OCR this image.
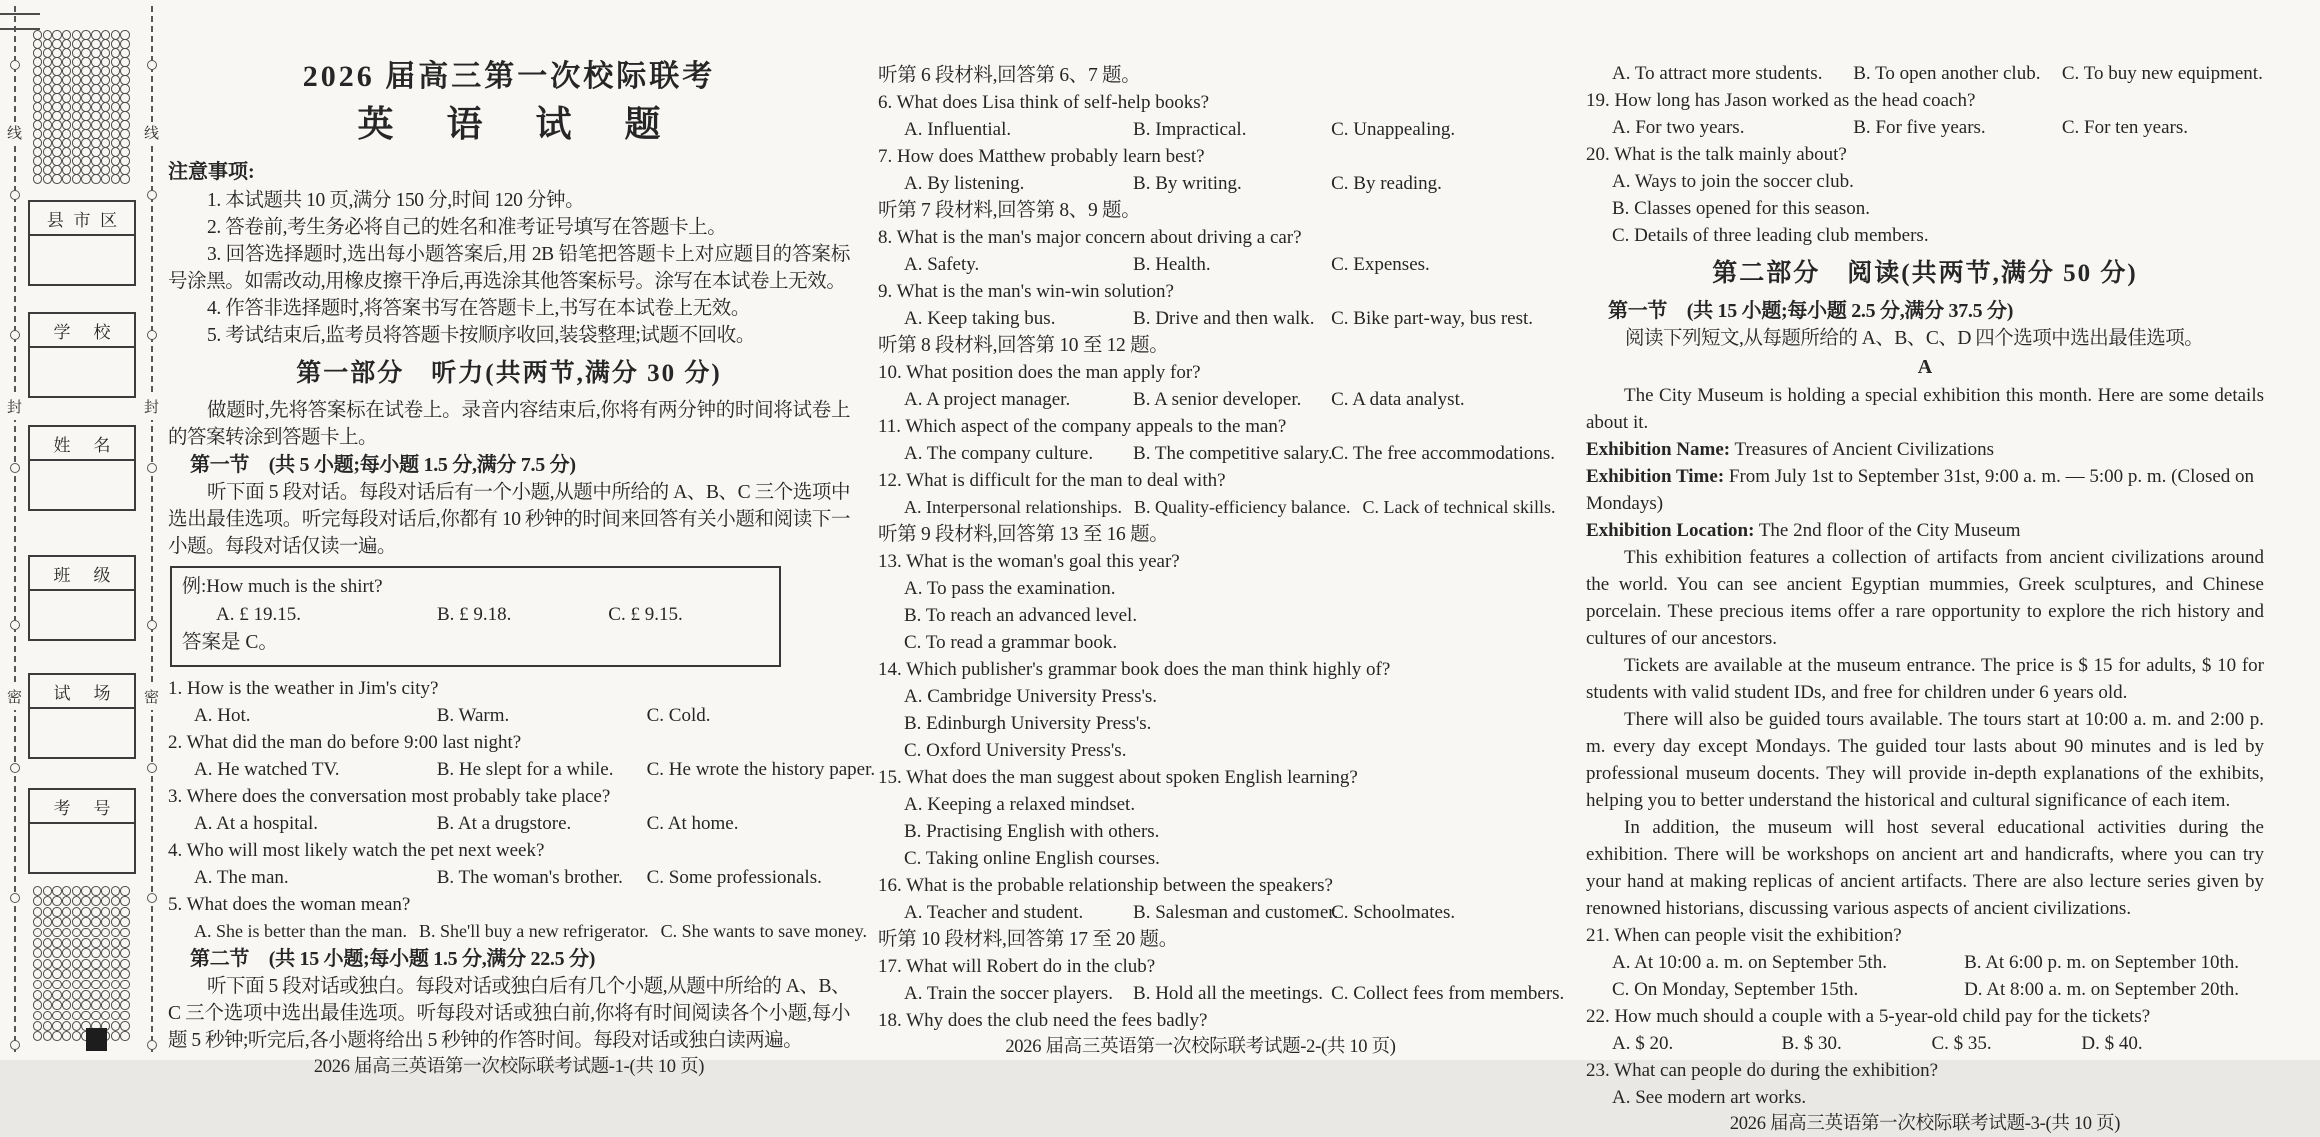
线
封
密
线
封
密
县 市 区
学 校
姓 名
班 级
试 场
考 号
2026 届高三第一次校际联考
英 语 试 题
注意事项:
1. 本试题共 10 页,满分 150 分,时间 120 分钟。
2. 答卷前,考生务必将自己的姓名和准考证号填写在答题卡上。
3. 回答选择题时,选出每小题答案后,用 2B 铅笔把答题卡上对应题目的答案标号涂黑。如需改动,用橡皮擦干净后,再选涂其他答案标号。涂写在本试卷上无效。
4. 作答非选择题时,将答案书写在答题卡上,书写在本试卷上无效。
5. 考试结束后,监考员将答题卡按顺序收回,装袋整理;试题不回收。
第一部分　听力(共两节,满分 30 分)
做题时,先将答案标在试卷上。录音内容结束后,你将有两分钟的时间将试卷上的答案转涂到答题卡上。
第一节　(共 5 小题;每小题 1.5 分,满分 7.5 分)
听下面 5 段对话。每段对话后有一个小题,从题中所给的 A、B、C 三个选项中选出最佳选项。听完每段对话后,你都有 10 秒钟的时间来回答有关小题和阅读下一小题。每段对话仅读一遍。
例:How much is the shirt?
A. £ 19.15.	B. £ 9.18.	C. £ 9.15.
答案是 C。
1. How is the weather in Jim's city?
A. Hot.	B. Warm.	C. Cold.
2. What did the man do before 9:00 last night?
A. He watched TV.	B. He slept for a while.	C. He wrote the history paper.
3. Where does the conversation most probably take place?
A. At a hospital.	B. At a drugstore.	C. At home.
4. Who will most likely watch the pet next week?
A. The man.	B. The woman's brother.	C. Some professionals.
5. What does the woman mean?
A. She is better than the man. B. She'll buy a new refrigerator. C. She wants to save money.
第二节　(共 15 小题;每小题 1.5 分,满分 22.5 分)
听下面 5 段对话或独白。每段对话或独白后有几个小题,从题中所给的 A、B、C 三个选项中选出最佳选项。听每段对话或独白前,你将有时间阅读各个小题,每小题 5 秒钟;听完后,各小题将给出 5 秒钟的作答时间。每段对话或独白读两遍。
2026 届高三英语第一次校际联考试题-1-(共 10 页)
听第 6 段材料,回答第 6、7 题。
6. What does Lisa think of self-help books?
A. Influential.	B. Impractical.	C. Unappealing.
7. How does Matthew probably learn best?
A. By listening.	B. By writing.	C. By reading.
听第 7 段材料,回答第 8、9 题。
8. What is the man's major concern about driving a car?
A. Safety.	B. Health.	C. Expenses.
9. What is the man's win-win solution?
A. Keep taking bus.	B. Drive and then walk. C. Bike part-way, bus rest.
听第 8 段材料,回答第 10 至 12 题。
10. What position does the man apply for?
A. A project manager.	B. A senior developer.	C. A data analyst.
11. Which aspect of the company appeals to the man?
A. The company culture.	B. The competitive salary.
C. The free accommodations.
12. What is difficult for the man to deal with?
A. Interpersonal relationships. B. Quality-efficiency balance. C. Lack of technical skills.
听第 9 段材料,回答第 13 至 16 题。
13. What is the woman's goal this year?
A. To pass the examination.
B. To reach an advanced level.
C. To read a grammar book.
14. Which publisher's grammar book does the man think highly of?
A. Cambridge University Press's.
B. Edinburgh University Press's.
C. Oxford University Press's.
15. What does the man suggest about spoken English learning?
A. Keeping a relaxed mindset.
B. Practising English with others.
C. Taking online English courses.
16. What is the probable relationship between the speakers?
A. Teacher and student.	B. Salesman and customer.
C. Schoolmates.
听第 10 段材料,回答第 17 至 20 题。
17. What will Robert do in the club?
A. Train the soccer players.	B. Hold all the meetings. C. Collect fees from members.
18. Why does the club need the fees badly?
2026 届高三英语第一次校际联考试题-2-(共 10 页)
A. To attract more students.	B. To open another club.	C. To buy new equipment.
19. How long has Jason worked as the head coach?
A. For two years.	B. For five years.	C. For ten years.
20. What is the talk mainly about?
A. Ways to join the soccer club.
B. Classes opened for this season.
C. Details of three leading club members.
第二部分　阅读(共两节,满分 50 分)
第一节　(共 15 小题;每小题 2.5 分,满分 37.5 分)
阅读下列短文,从每题所给的 A、B、C、D 四个选项中选出最佳选项。
A
The City Museum is holding a special exhibition this month. Here are some details about it.
Exhibition Name: Treasures of Ancient Civilizations
Exhibition Time: From July 1st to September 31st, 9:00 a. m. — 5:00 p. m. (Closed on Mondays)
Exhibition Location: The 2nd floor of the City Museum
This exhibition features a collection of artifacts from ancient civilizations around the world. You can see ancient Egyptian mummies, Greek sculptures, and Chinese porcelain. These precious items offer a rare opportunity to explore the rich history and cultures of our ancestors.
Tickets are available at the museum entrance. The price is $ 15 for adults, $ 10 for students with valid student IDs, and free for children under 6 years old.
There will also be guided tours available. The tours start at 10:00 a. m. and 2:00 p. m. every day except Mondays. The guided tour lasts about 90 minutes and is led by professional museum docents. They will provide in-depth explanations of the exhibits, helping you to better understand the historical and cultural significance of each item.
In addition, the museum will host several educational activities during the exhibition. There will be workshops on ancient art and handicrafts, where you can try your hand at making replicas of ancient artifacts. There are also lecture series given by renowned historians, discussing various aspects of ancient civilizations.
21. When can people visit the exhibition?
A. At 10:00 a. m. on September 5th.	B. At 6:00 p. m. on September 10th.
C. On Monday, September 15th.	D. At 8:00 a. m. on September 20th.
22. How much should a couple with a 5-year-old child pay for the tickets?
A. $ 20.	B. $ 30.	C. $ 35.	D. $ 40.
23. What can people do during the exhibition?
A. See modern art works.
2026 届高三英语第一次校际联考试题-3-(共 10 页)
